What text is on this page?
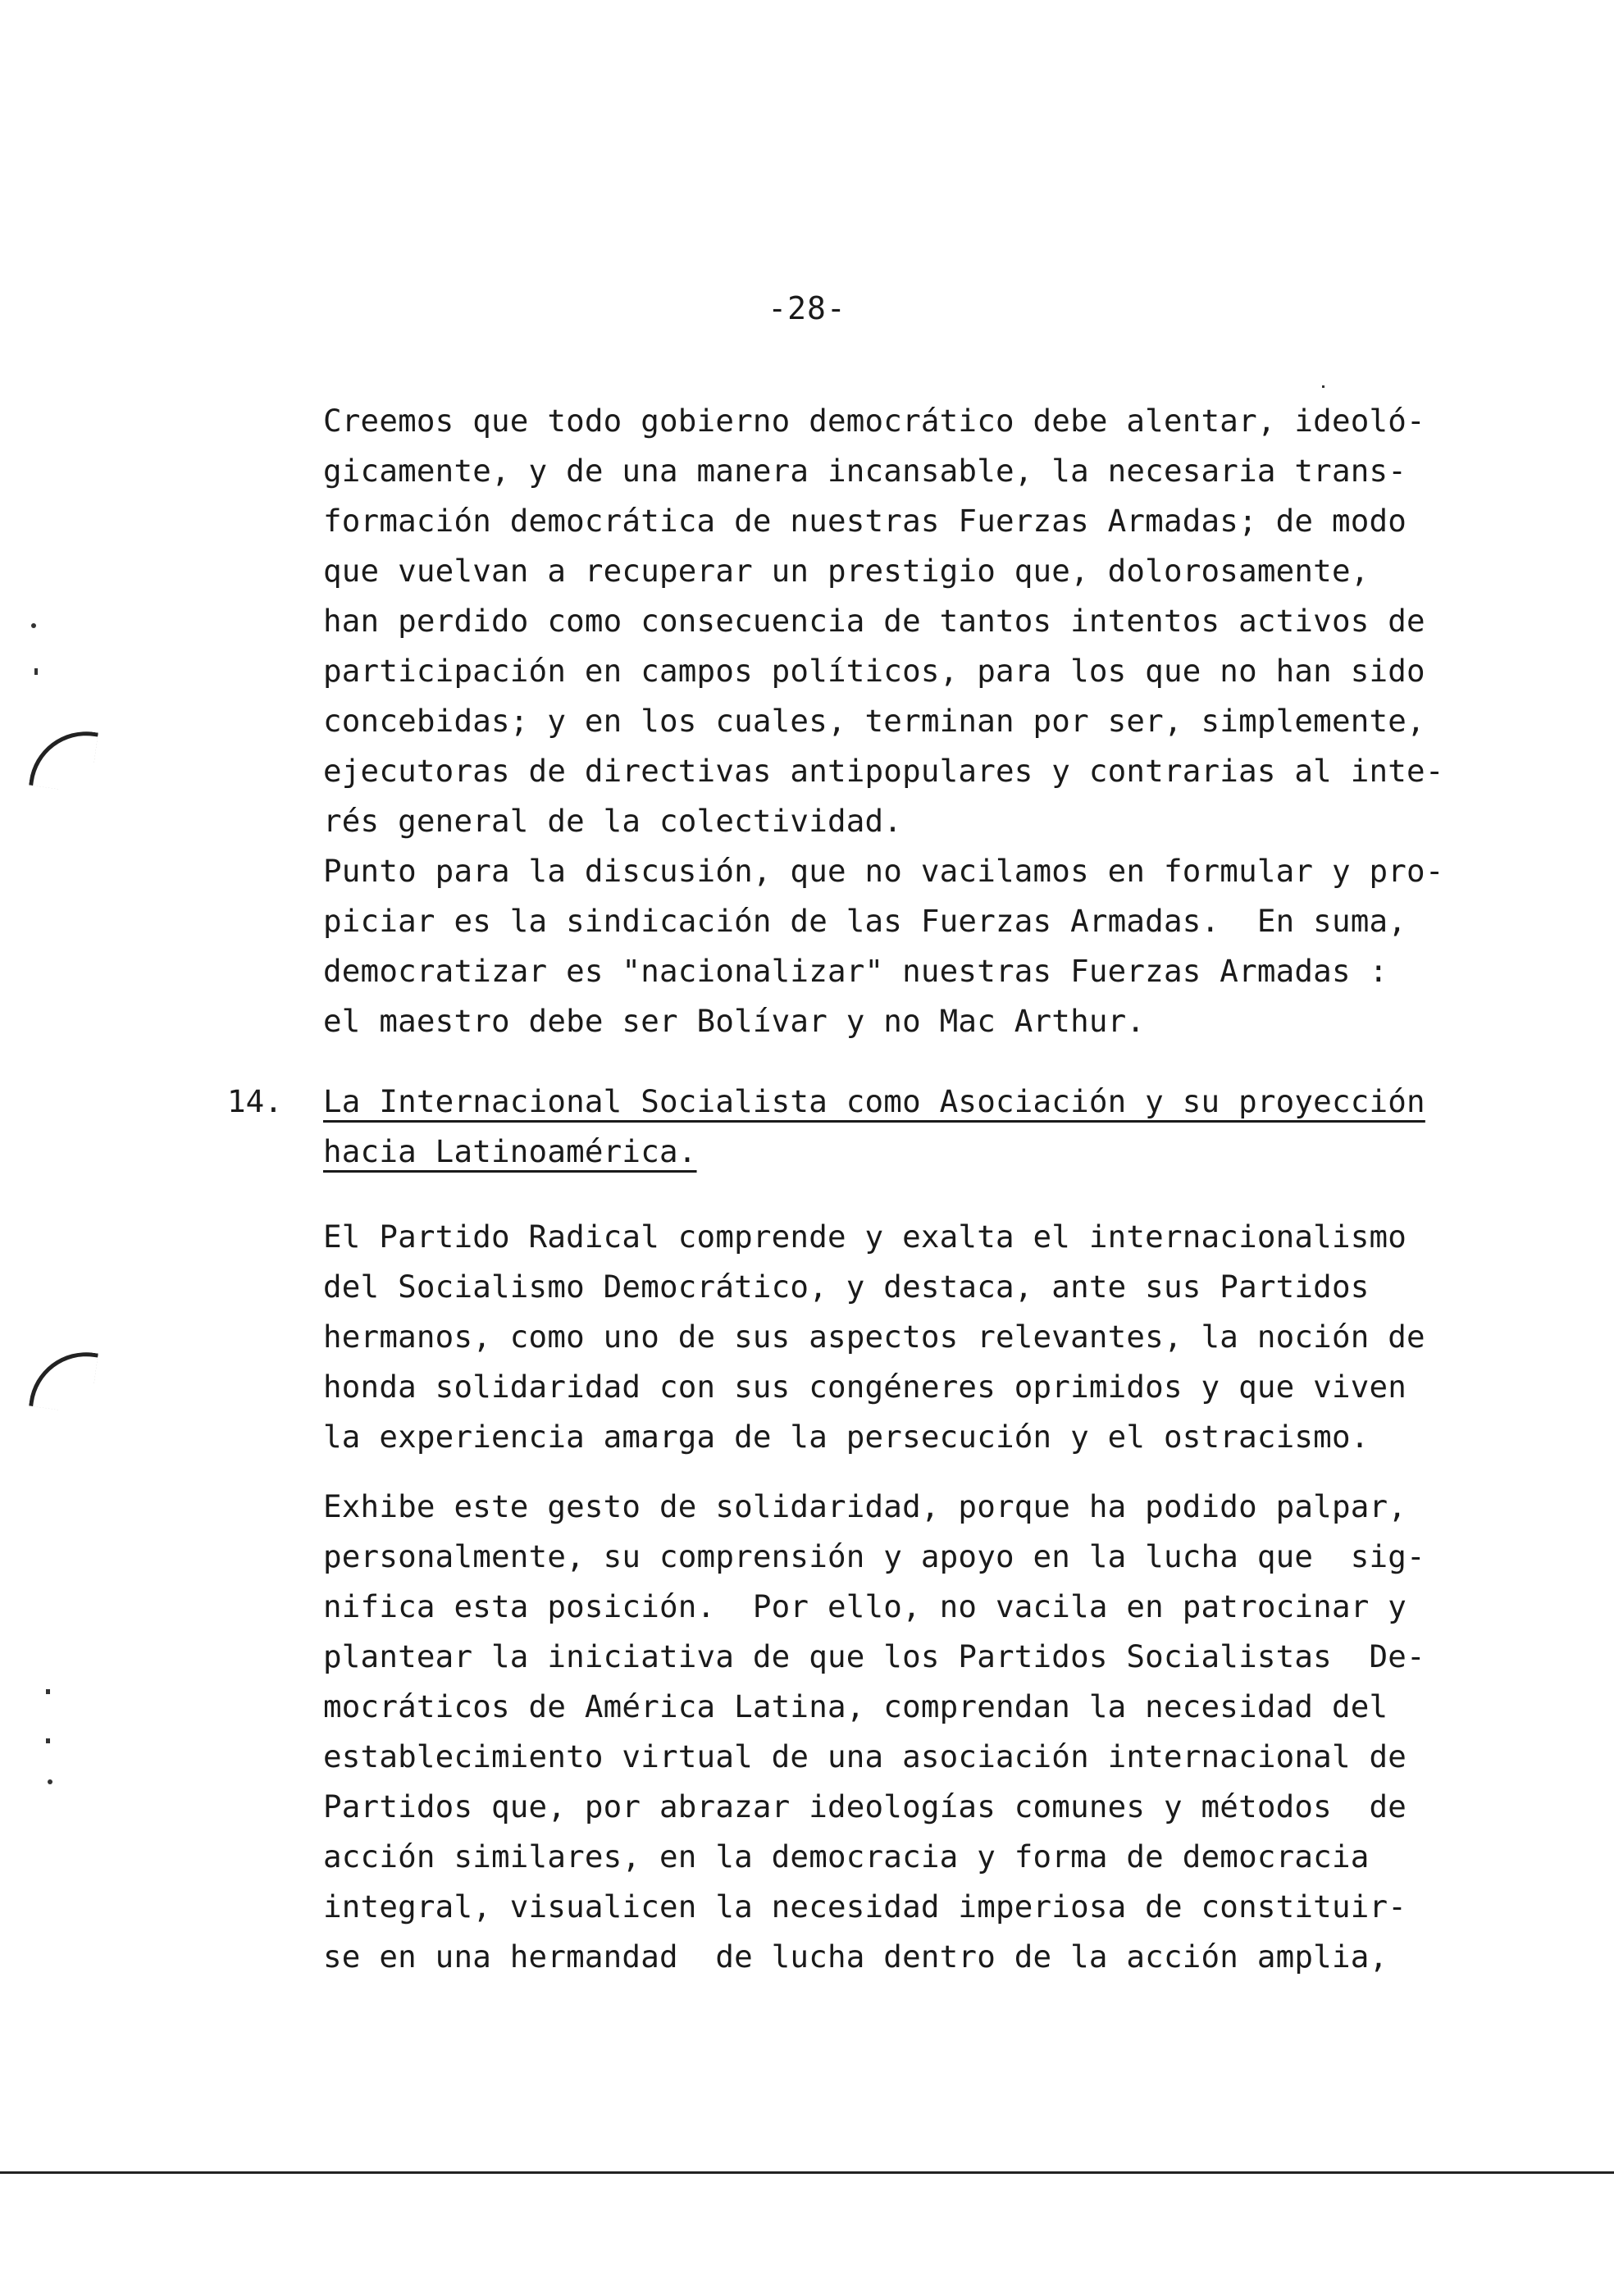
-28-
Creemos que todo gobierno democrático debe alentar, ideoló-
gicamente, y de una manera incansable, la necesaria trans-
formación democrática de nuestras Fuerzas Armadas; de modo
que vuelvan a recuperar un prestigio que, dolorosamente,
han perdido como consecuencia de tantos intentos activos de
participación en campos políticos, para los que no han sido
concebidas; y en los cuales, terminan por ser, simplemente,
ejecutoras de directivas antipopulares y contrarias al inte-
rés general de la colectividad.
Punto para la discusión, que no vacilamos en formular y pro-
piciar es la sindicación de las Fuerzas Armadas.  En suma,
democratizar es "nacionalizar" nuestras Fuerzas Armadas :
el maestro debe ser Bolívar y no Mac Arthur.
14. La Internacional Socialista como Asociación y su proyección
hacia Latinoamérica.
El Partido Radical comprende y exalta el internacionalismo
del Socialismo Democrático, y destaca, ante sus Partidos
hermanos, como uno de sus aspectos relevantes, la noción de
honda solidaridad con sus congéneres oprimidos y que viven
la experiencia amarga de la persecución y el ostracismo.
Exhibe este gesto de solidaridad, porque ha podido palpar,
personalmente, su comprensión y apoyo en la lucha que  sig-
nifica esta posición.  Por ello, no vacila en patrocinar y
plantear la iniciativa de que los Partidos Socialistas  De-
mocráticos de América Latina, comprendan la necesidad del
establecimiento virtual de una asociación internacional de
Partidos que, por abrazar ideologías comunes y métodos  de
acción similares, en la democracia y forma de democracia
integral, visualicen la necesidad imperiosa de constituir-
se en una hermandad  de lucha dentro de la acción amplia,
